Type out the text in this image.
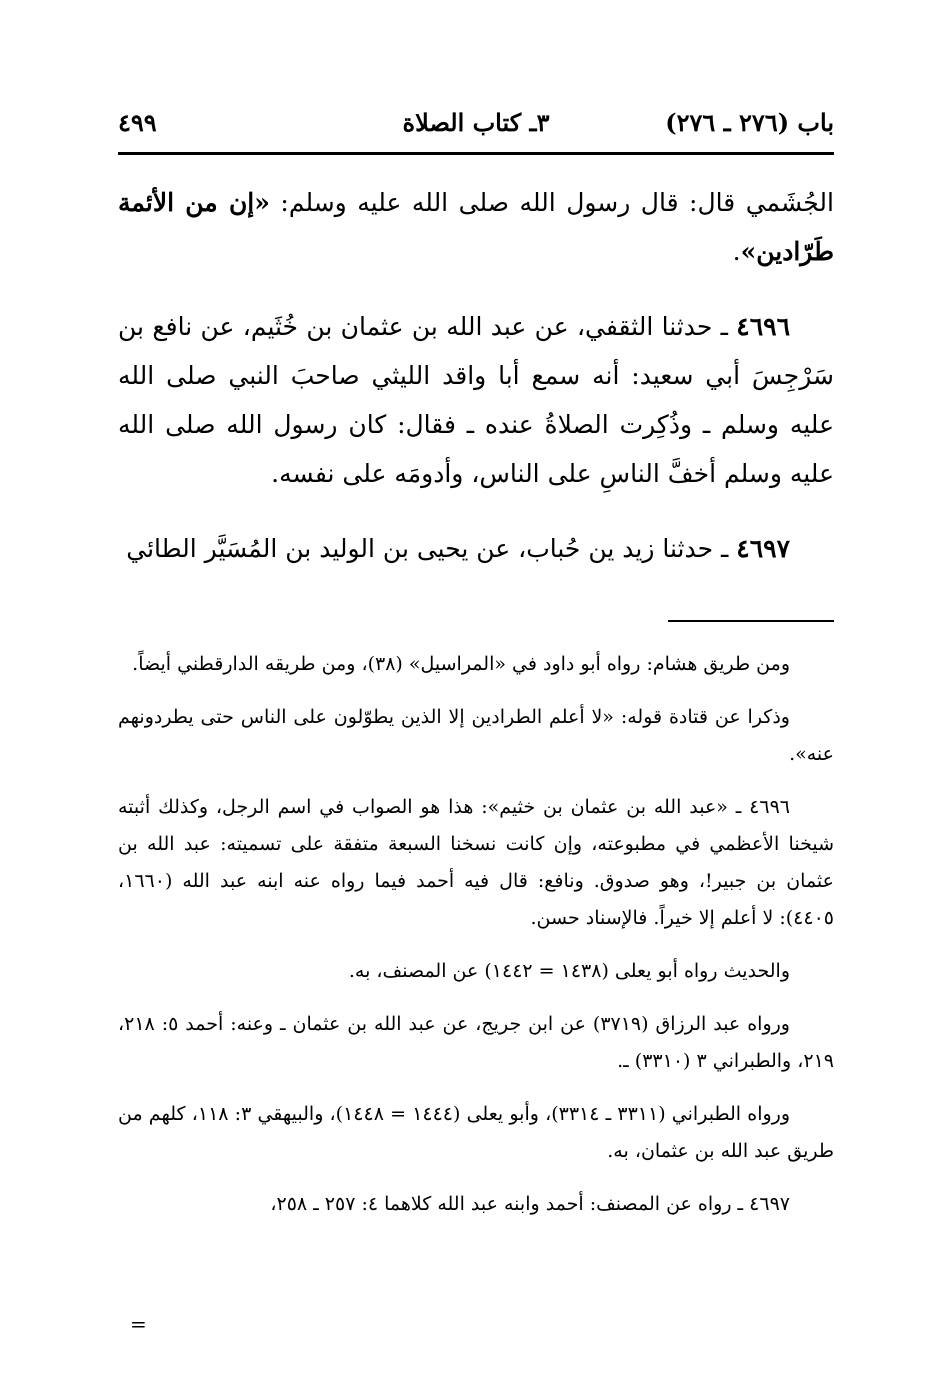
باب (٢٧٦ ـ ٢٧٦)
٣ـ كتاب الصلاة
٤٩٩

الجُشَمي قال: قال رسول الله صلى الله عليه وسلم: «إن من الأئمة طَرّادين».

٤٦٩٦ ـ حدثنا الثقفي، عن عبد الله بن عثمان بن خُثَيم، عن نافع بن سَرْجِسَ أبي سعيد: أنه سمع أبا واقد الليثي صاحبَ النبي صلى الله عليه وسلم ـ وذُكِرت الصلاةُ عنده ـ فقال: كان رسول الله صلى الله عليه وسلم أخفَّ الناسِ على الناس، وأدومَه على نفسه.

٤٦٩٧ ـ حدثنا زيد ين حُباب، عن يحيى بن الوليد بن المُسَيَّر الطائي

ومن طريق هشام: رواه أبو داود في «المراسيل» (٣٨)، ومن طريقه الدارقطني أيضاً.

وذكرا عن قتادة قوله: «لا أعلم الطرادين إلا الذين يطوّلون على الناس حتى يطردونهم عنه».

٤٦٩٦ ـ «عبد الله بن عثمان بن خثيم»: هذا هو الصواب في اسم الرجل، وكذلك أثبته شيخنا الأعظمي في مطبوعته، وإن كانت نسخنا السبعة متفقة على تسميته: عبد الله بن عثمان بن جبير!، وهو صدوق. ونافع: قال فيه أحمد فيما رواه عنه ابنه عبد الله (١٦٦٠، ٤٤٠٥): لا أعلم إلا خيراً. فالإسناد حسن.

والحديث رواه أبو يعلى (١٤٣٨ = ١٤٤٢) عن المصنف، به.

ورواه عبد الرزاق (٣٧١٩) عن ابن جريج، عن عبد الله بن عثمان ـ وعنه: أحمد ٥: ٢١٨، ٢١٩، والطبراني ٣ (٣٣١٠) ـ.

ورواه الطبراني (٣٣١١ ـ ٣٣١٤)، وأبو يعلى (١٤٤٤ = ١٤٤٨)، والبيهقي ٣: ١١٨، كلهم من طريق عبد الله بن عثمان، به.

٤٦٩٧ ـ رواه عن المصنف: أحمد وابنه عبد الله كلاهما ٤: ٢٥٧ ـ ٢٥٨،

=
